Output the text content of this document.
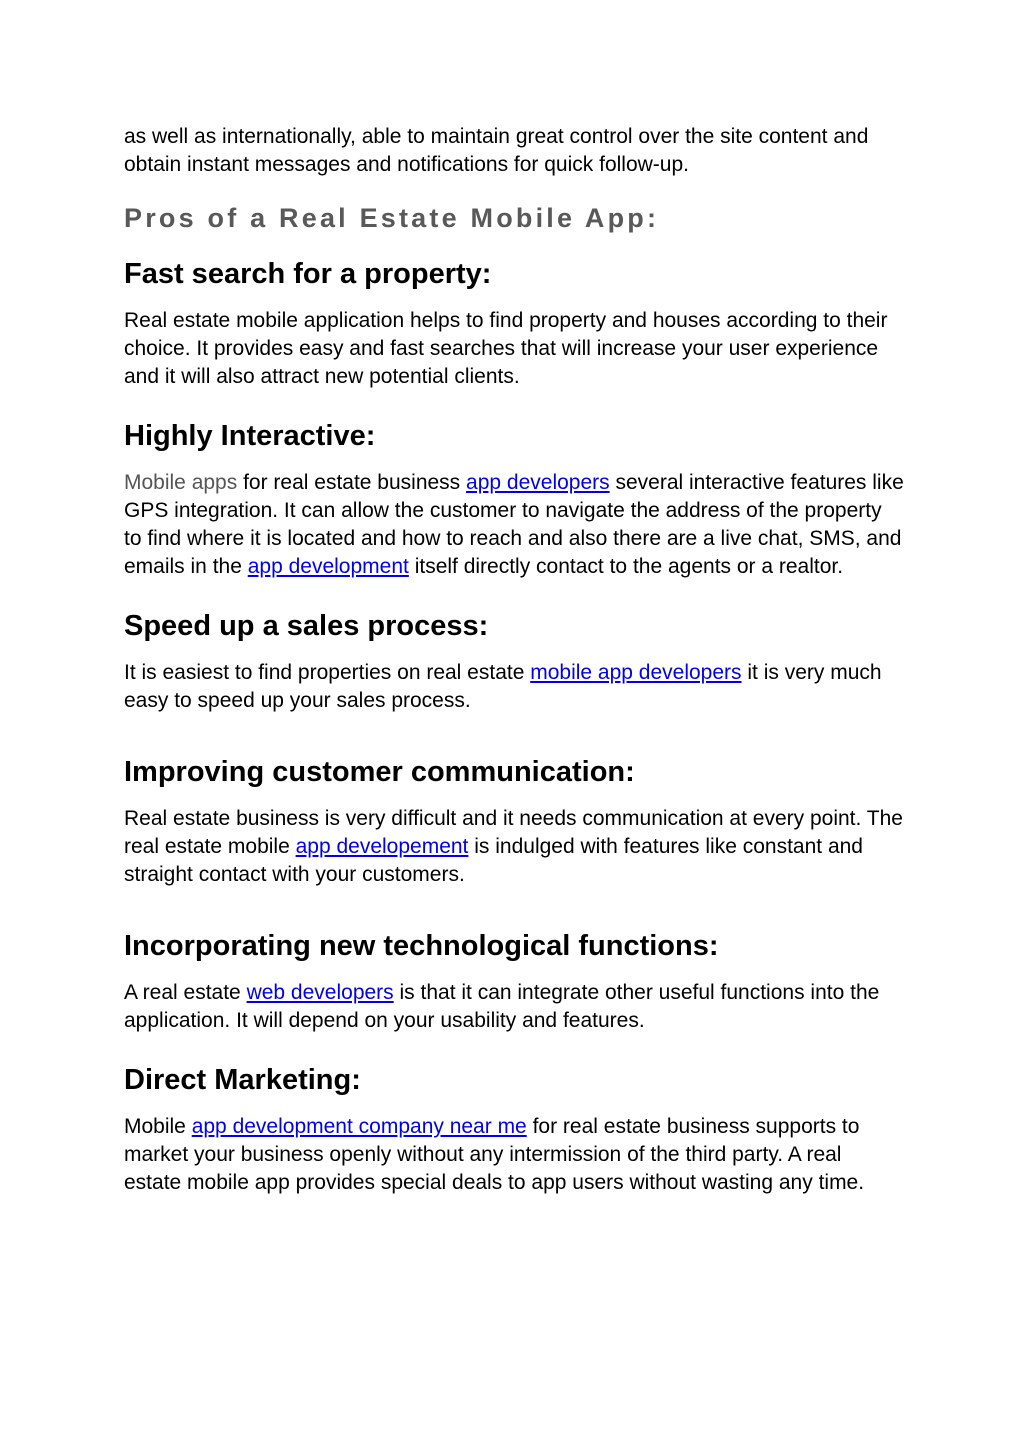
as well as internationally, able to maintain great control over the site content and obtain instant messages and notifications for quick follow-up.

Pros of a Real Estate Mobile App:
Fast search for a property:

Real estate mobile application helps to find property and houses according to their choice. It provides easy and fast searches that will increase your user experience and it will also attract new potential clients.

Highly Interactive:

Mobile apps for real estate business app developers several interactive features like GPS integration. It can allow the customer to navigate the address of the property to find where it is located and how to reach and also there are a live chat, SMS, and emails in the app development itself directly contact to the agents or a realtor.

Speed up a sales process:

It is easiest to find properties on real estate mobile app developers it is very much easy to speed up your sales process.

Improving customer communication:

Real estate business is very difficult and it needs communication at every point. The real estate mobile app developement is indulged with features like constant and straight contact with your customers.

Incorporating new technological functions:

A real estate web developers is that it can integrate other useful functions into the application. It will depend on your usability and features.

Direct Marketing:

Mobile app development company near me for real estate business supports to market your business openly without any intermission of the third party. A real estate mobile app provides special deals to app users without wasting any time.
